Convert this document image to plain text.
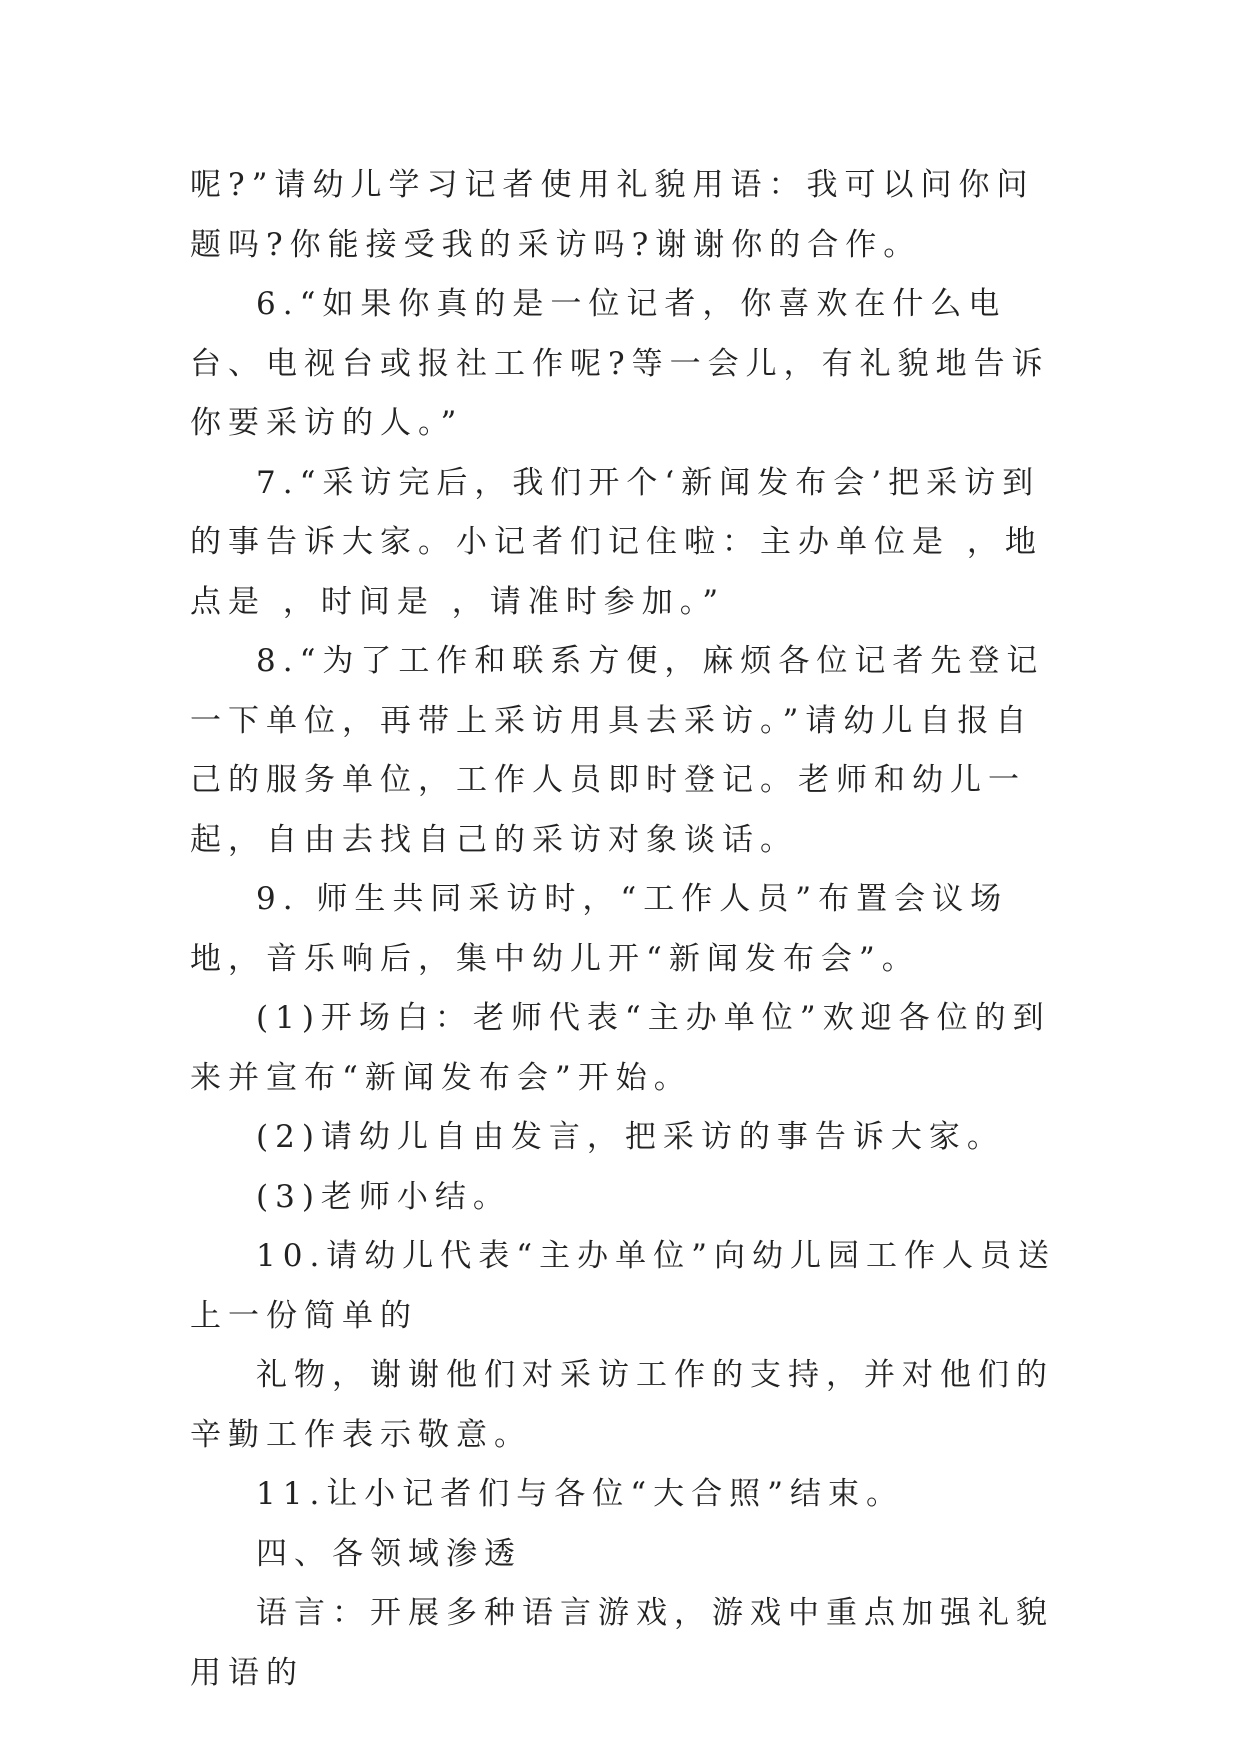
呢?”请幼儿学习记者使用礼貌用语：我可以问你问题吗?你能接受我的采访吗?谢谢你的合作。

6.“如果你真的是一位记者，你喜欢在什么电台、电视台或报社工作呢?等一会儿，有礼貌地告诉你要采访的人。”

7.“采访完后，我们开个‘新闻发布会’把采访到的事告诉大家。小记者们记住啦：主办单位是 ，地点是 ，时间是 ，请准时参加。”

8.“为了工作和联系方便，麻烦各位记者先登记一下单位，再带上采访用具去采访。”请幼儿自报自己的服务单位，工作人员即时登记。老师和幼儿一起，自由去找自己的采访对象谈话。

9. 师生共同采访时，“工作人员”布置会议场地，音乐响后，集中幼儿开“新闻发布会”。

(1)开场白：老师代表“主办单位”欢迎各位的到来并宣布“新闻发布会”开始。

(2)请幼儿自由发言，把采访的事告诉大家。

(3)老师小结。

10.请幼儿代表“主办单位”向幼儿园工作人员送上一份简单的

礼物，谢谢他们对采访工作的支持，并对他们的辛勤工作表示敬意。

11.让小记者们与各位“大合照”结束。

四、各领域渗透

语言：开展多种语言游戏，游戏中重点加强礼貌用语的
